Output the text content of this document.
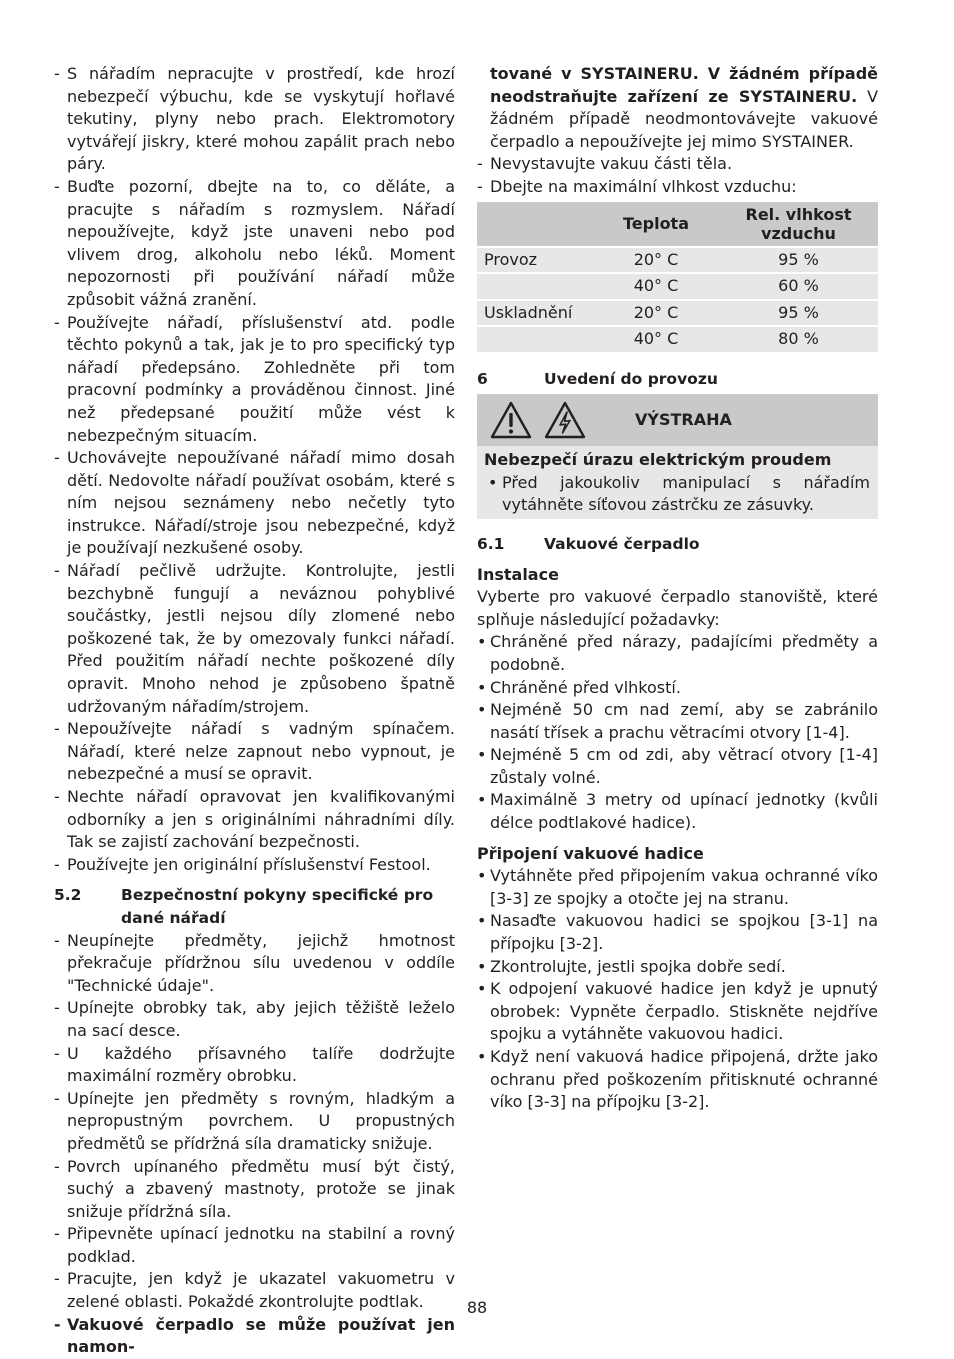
- S nářadím nepracujte v prostředí, kde hrozí nebezpečí výbuchu, kde se vyskytují hořlavé tekutiny, plyny nebo prach. Elektromotory vytvářejí jiskry, které mohou zapálit prach nebo páry.
- Buďte pozorní, dbejte na to, co děláte, a pracujte s nářadím s rozmyslem. Nářadí nepoužívejte, když jste unaveni nebo pod vlivem drog, alkoholu nebo léků. Moment nepozornosti při používání nářadí může způsobit vážná zranění.
- Používejte nářadí, příslušenství atd. podle těchto pokynů a tak, jak je to pro specifický typ nářadí předepsáno. Zohledněte při tom pracovní podmínky a prováděnou činnost. Jiné než předepsané použití může vést k nebezpečným situacím.
- Uchovávejte nepoužívané nářadí mimo dosah dětí. Nedovolte nářadí používat osobám, které s ním nejsou seznámeny nebo nečetly tyto instrukce. Nářadí/stroje jsou nebezpečné, když je používají nezkušené osoby.
- Nářadí pečlivě udržujte. Kontrolujte, jestli bezchybně fungují a neváznou pohyblivé součástky, jestli nejsou díly zlomené nebo poškozené tak, že by omezovaly funkci nářadí. Před použitím nářadí nechte poškozené díly opravit. Mnoho nehod je způsobeno špatně udržovaným nářadím/strojem.
- Nepoužívejte nářadí s vadným spínačem. Nářadí, které nelze zapnout nebo vypnout, je nebezpečné a musí se opravit.
- Nechte nářadí opravovat jen kvalifikovanými odborníky a jen s originálními náhradními díly. Tak se zajistí zachování bezpečnosti.
- Používejte jen originální příslušenství Festool.
5.2	Bezpečnostní pokyny specifické pro dané nářadí
- Neupínejte předměty, jejichž hmotnost překračuje přídržnou sílu uvedenou v oddíle "Technické údaje".
- Upínejte obrobky tak, aby jejich těžiště leželo na sací desce.
- U každého přísavného talíře dodržujte maximální rozměry obrobku.
- Upínejte jen předměty s rovným, hladkým a nepropustným povrchem. U propustných předmětů se přídržná síla dramaticky snižuje.
- Povrch upínaného předmětu musí být čistý, suchý a zbavený mastnoty, protože se jinak snižuje přídržná síla.
- Připevněte upínací jednotku na stabilní a rovný podklad.
- Pracujte, jen když je ukazatel vakuometru v zelené oblasti. Pokaždé zkontrolujte podtlak.
- Vakuové čerpadlo se může používat jen namon-

tované v SYSTAINERU. V žádném případě neodstraňujte zařízení ze SYSTAINERU. V žádném případě neodmontovávejte vakuové čerpadlo a nepoužívejte jej mimo SYSTAINER.

- Nevystavujte vakuu části těla.
- Dbejte na maximální vlhkost vzduchu:
	Teplota	Rel. vlhkost vzduchu
Provoz	20° C	95 %
	40° C	60 %
Uskladnění	20° C	95 %
	40° C	80 %
6	Uvedení do provozu
VÝSTRAHA

Nebezpečí úrazu elektrickým proudem

• Před jakoukoliv manipulací s nářadím vytáhněte síťovou zástrčku ze zásuvky.
6.1	Vakuové čerpadlo

Instalace

Vyberte pro vakuové čerpadlo stanoviště, které splňuje následující požadavky:

• Chráněné před nárazy, padajícími předměty a podobně.
• Chráněné před vlhkostí.
• Nejméně 50 cm nad zemí, aby se zabránilo nasátí třísek a prachu větracími otvory [1-4].
• Nejméně 5 cm od zdi, aby větrací otvory [1-4] zůstaly volné.
• Maximálně 3 metry od upínací jednotky (kvůli délce podtlakové hadice).

Připojení vakuové hadice

• Vytáhněte před připojením vakua ochranné víko [3-3] ze spojky a otočte jej na stranu.
• Nasaďte vakuovou hadici se spojkou [3-1] na přípojku [3-2].
• Zkontrolujte, jestli spojka dobře sedí.
• K odpojení vakuové hadice jen když je upnutý obrobek: Vypněte čerpadlo. Stiskněte nejdříve spojku a vytáhněte vakuovou hadici.
• Když není vakuová hadice připojená, držte jako ochranu před poškozením přitisknuté ochranné víko [3-3] na přípojku [3-2].
88
